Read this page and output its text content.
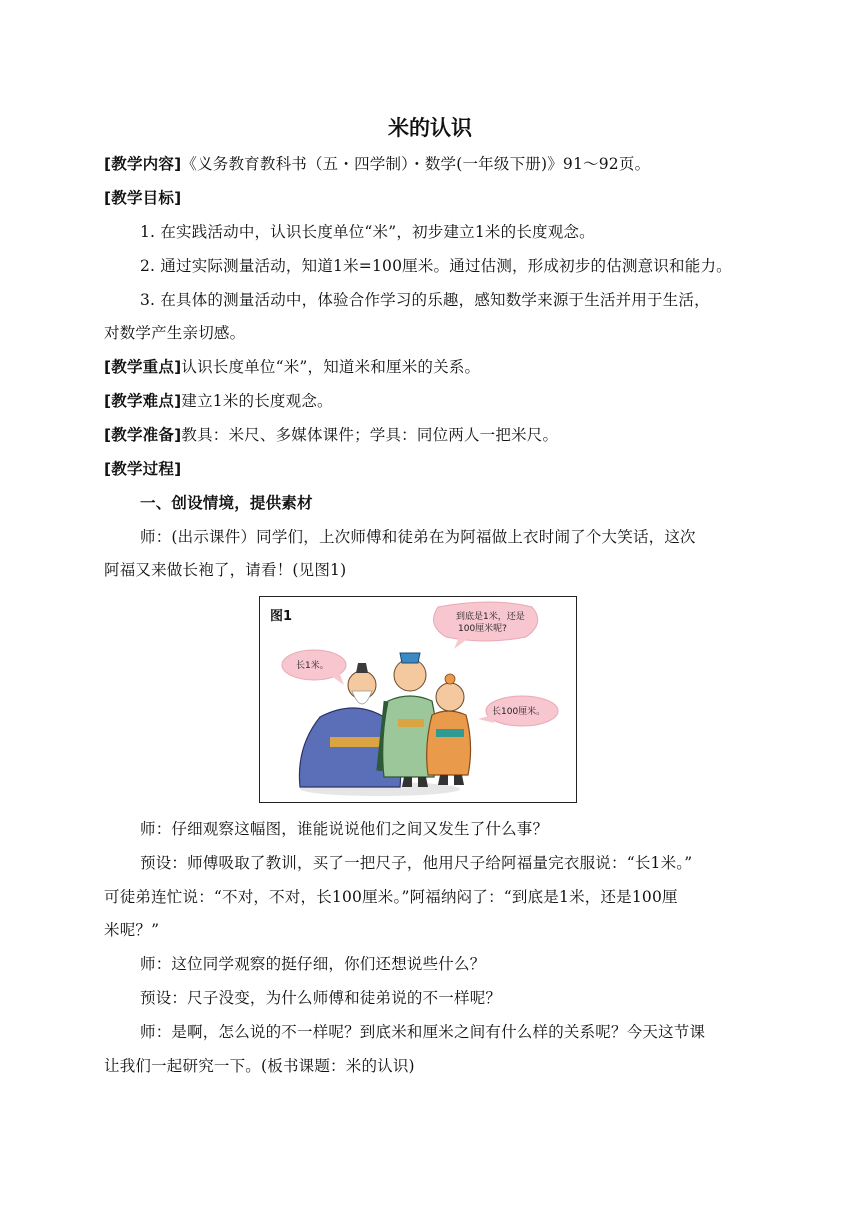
米的认识
[教学内容]《义务教育教科书（五・四学制）・数学(一年级下册)》91～92页。
[教学目标]
1. 在实践活动中，认识长度单位“米”，初步建立1米的长度观念。
2. 通过实际测量活动，知道1米=100厘米。通过估测，形成初步的估测意识和能力。
3. 在具体的测量活动中，体验合作学习的乐趣，感知数学来源于生活并用于生活，
对数学产生亲切感。
[教学重点]认识长度单位“米”，知道米和厘米的关系。
[教学难点]建立1米的长度观念。
[教学准备]教具：米尺、多媒体课件；学具：同位两人一把米尺。
[教学过程]
一、创设情境，提供素材
师：(出示课件）同学们，上次师傅和徒弟在为阿福做上衣时闹了个大笑话，这次
阿福又来做长袍了，请看！(见图1)
图1	到底是1米，还是
100厘米呢?
长1米。
长100厘米。
师：仔细观察这幅图，谁能说说他们之间又发生了什么事？
预设：师傅吸取了教训，买了一把尺子，他用尺子给阿福量完衣服说：“长1米。”
可徒弟连忙说：“不对，不对，长100厘米。”阿福纳闷了：“到底是1米，还是100厘
米呢？”
师：这位同学观察的挺仔细，你们还想说些什么？
预设：尺子没变，为什么师傅和徒弟说的不一样呢？
师：是啊，怎么说的不一样呢？到底米和厘米之间有什么样的关系呢？今天这节课
让我们一起研究一下。(板书课题：米的认识)
